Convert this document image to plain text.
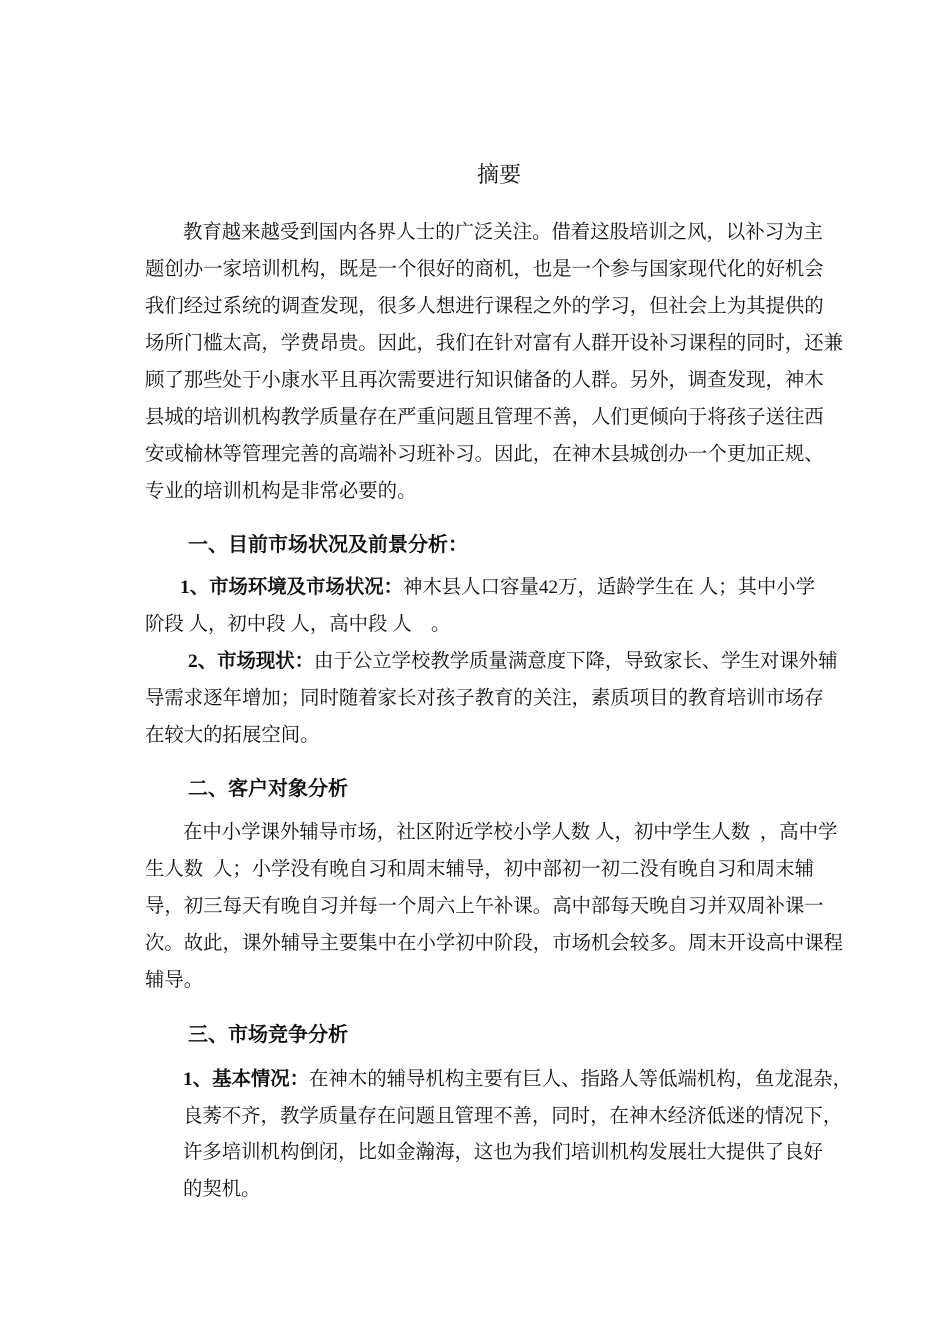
摘要
教育越来越受到国内各界人士的广泛关注。借着这股培训之风，以补习为主
题创办一家培训机构，既是一个很好的商机，也是一个参与国家现代化的好机会
我们经过系统的调查发现，很多人想进行课程之外的学习，但社会上为其提供的
场所门槛太高，学费昂贵。因此，我们在针对富有人群开设补习课程的同时，还兼
顾了那些处于小康水平且再次需要进行知识储备的人群。另外，调查发现，神木
县城的培训机构教学质量存在严重问题且管理不善，人们更倾向于将孩子送往西
安或榆林等管理完善的高端补习班补习。因此，在神木县城创办一个更加正规、
专业的培训机构是非常必要的。
一、目前市场状况及前景分析：
1、市场环境及市场状况：神木县人口容量42万，适龄学生在 人；其中小学
阶段 人，初中段 人，高中段 人    。
2、市场现状：由于公立学校教学质量满意度下降，导致家长、学生对课外辅
导需求逐年增加；同时随着家长对孩子教育的关注，素质项目的教育培训市场存
在较大的拓展空间。
二、客户对象分析
在中小学课外辅导市场，社区附近学校小学人数 人，初中学生人数  ，高中学
生人数  人；小学没有晚自习和周末辅导，初中部初一初二没有晚自习和周末辅
导，初三每天有晚自习并每一个周六上午补课。高中部每天晚自习并双周补课一
次。故此，课外辅导主要集中在小学初中阶段，市场机会较多。周末开设高中课程
辅导。
三、市场竞争分析
1、基本情况：在神木的辅导机构主要有巨人、指路人等低端机构，鱼龙混杂，
良莠不齐，教学质量存在问题且管理不善，同时，在神木经济低迷的情况下，
许多培训机构倒闭，比如金瀚海，这也为我们培训机构发展壮大提供了良好
的契机。
